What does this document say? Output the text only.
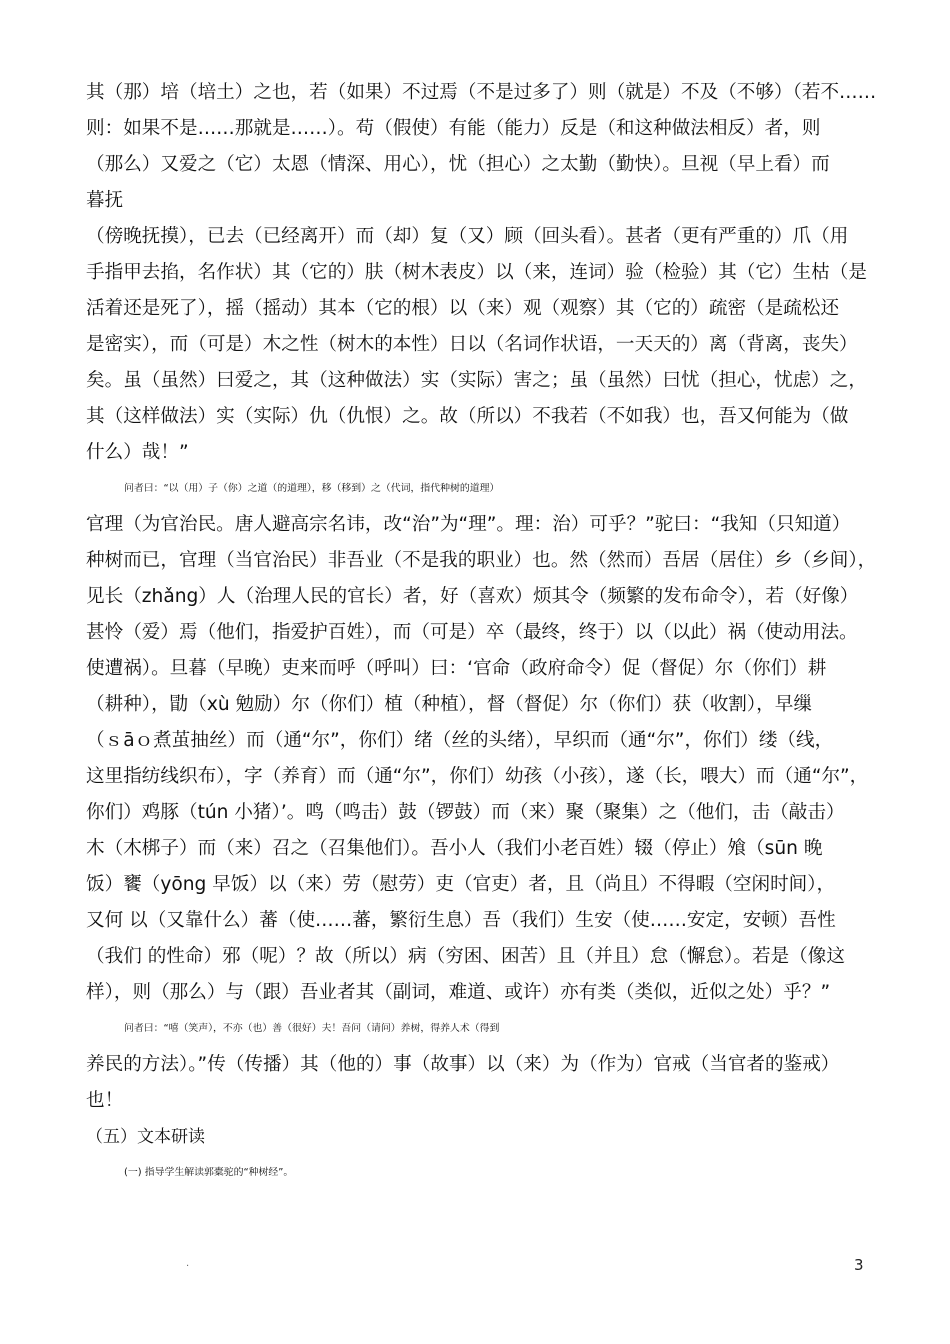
其（那）培（培土）之也，若（如果）不过焉（不是过多了）则（就是）不及（不够）（若不……
则：如果不是……那就是……）。苟（假使）有能（能力）反是（和这种做法相反）者，则
（那么）又爱之（它）太恩（情深、用心），忧（担心）之太勤（勤快）。旦视（早上看）而
暮抚
（傍晚抚摸），已去（已经离开）而（却）复（又）顾（回头看）。甚者（更有严重的）爪（用
手指甲去掐，名作状）其（它的）肤（树木表皮）以（来，连词）验（检验）其（它）生枯（是
活着还是死了），摇（摇动）其本（它的根）以（来）观（观察）其（它的）疏密（是疏松还
是密实），而（可是）木之性（树木的本性）日以（名词作状语，一天天的）离（背离，丧失）
矣。虽（虽然）曰爱之，其（这种做法）实（实际）害之；虽（虽然）曰忧（担心，忧虑）之，
其（这样做法）实（实际）仇（仇恨）之。故（所以）不我若（不如我）也，吾又何能为（做
什么）哉！”
问者曰：“以（用）子（你）之道（的道理），移（移到）之（代词，指代种树的道理）
官理（为官治民。唐人避高宗名讳，改“治”为“理”。理：治）可乎？”驼曰：“我知（只知道）
种树而已，官理（当官治民）非吾业（不是我的职业）也。然（然而）吾居（居住）乡（乡间），
见长（zhǎng）人（治理人民的官长）者，好（喜欢）烦其令（频繁的发布命令），若（好像）
甚怜（爱）焉（他们，指爱护百姓），而（可是）卒（最终，终于）以（以此）祸（使动用法。
使遭祸）。旦暮（早晚）吏来而呼（呼叫）曰：‘官命（政府命令）促（督促）尔（你们）耕
（耕种），勖（xù 勉励）尔（你们）植（种植），督（督促）尔（你们）获（收割），早缫
（ｓāｏ煮茧抽丝）而（通“尔”，你们）绪（丝的头绪），早织而（通“尔”，你们）缕（线，
这里指纺线织布），字（养育）而（通“尔”，你们）幼孩（小孩），遂（长，喂大）而（通“尔”，
你们）鸡豚（tún 小猪）’。鸣（鸣击）鼓（锣鼓）而（来）聚（聚集）之（他们，击（敲击）
木（木梆子）而（来）召之（召集他们）。吾小人（我们小老百姓）辍（停止）飧（sūn 晚
饭）饔（yōng 早饭）以（来）劳（慰劳）吏（官吏）者，且（尚且）不得暇（空闲时间），
又何 以（又靠什么）蕃（使……蕃，繁衍生息）吾（我们）生安（使……安定，安顿）吾性
（我们 的性命）邪（呢）？故（所以）病（穷困、困苦）且（并且）怠（懈怠）。若是（像这
样），则（那么）与（跟）吾业者其（副词，难道、或许）亦有类（类似，近似之处）乎？”
问者曰：“嘻（笑声），不亦（也）善（很好）夫！吾问（请问）养树，得养人术（得到
养民的方法）。”传（传播）其（他的）事（故事）以（来）为（作为）官戒（当官者的鉴戒）
也！
（五）文本研读
(一) 指导学生解读郭橐驼的“种树经”。
.	3
